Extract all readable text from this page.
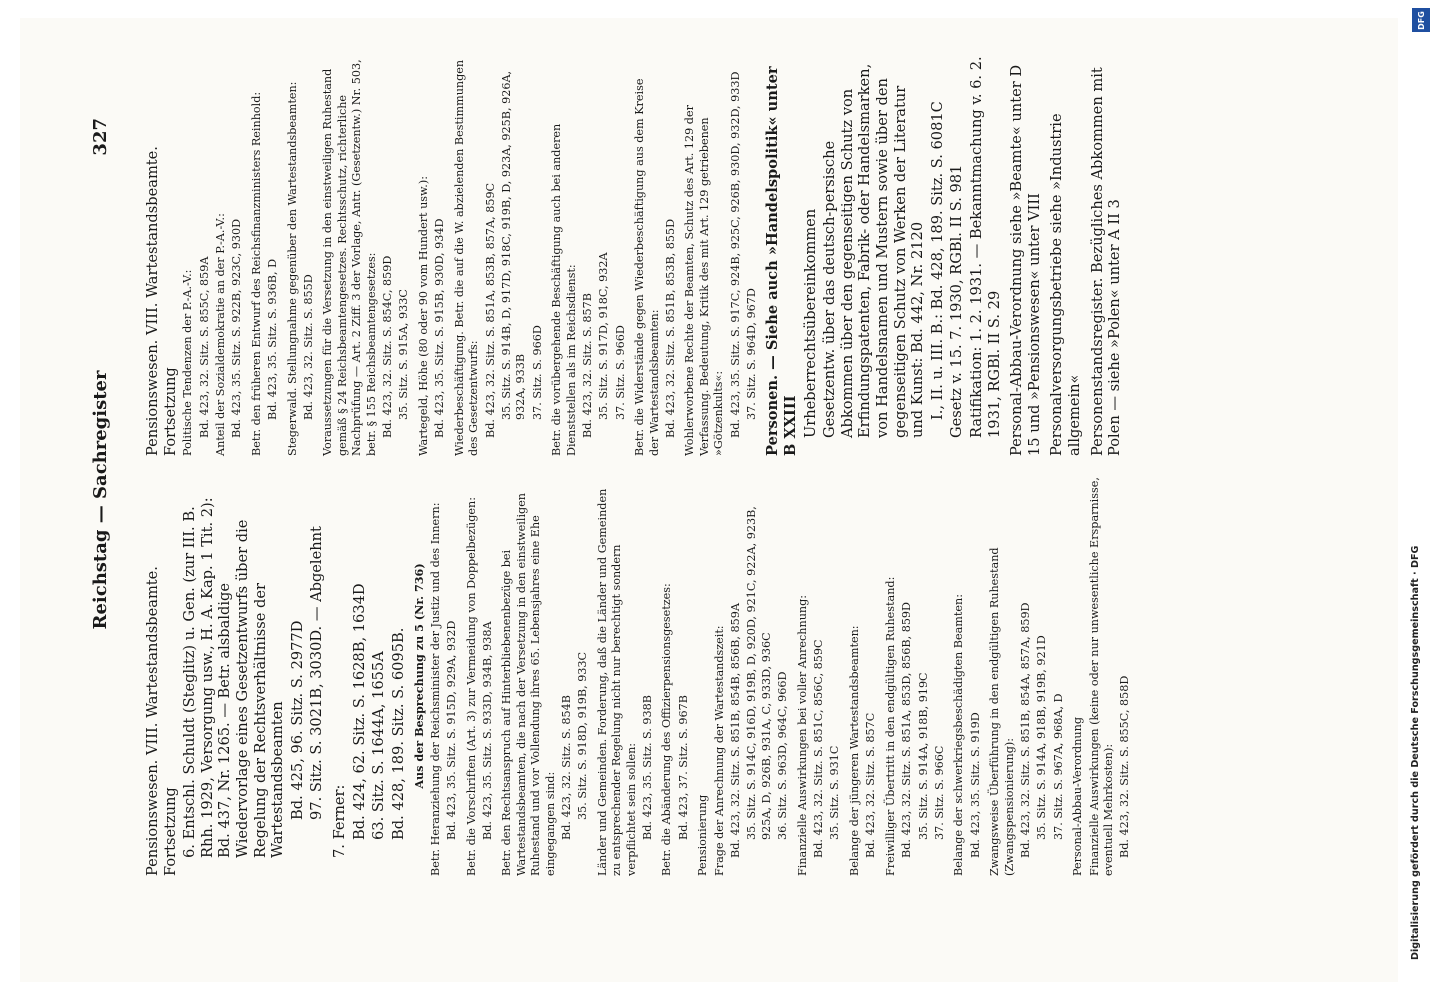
Reichstag — Sachregister
327

Pensionswesen. VIII. Wartestandsbeamte. Fortsetzung 6. Entschl. Schuldt (Steglitz) u. Gen. (zur III. B. Rhh. 1929, Versorgung usw., H. A. Kap. 1 Tit. 2): Bd. 437, Nr. 1265. — Betr. alsbaldige Wiedervorlage eines Gesetzentwurfs über die Regelung der Rechtsverhältnisse der Wartestandsbeamten Bd. 425, 96. Sitz. S. 2977D 97. Sitz. S. 3021B, 3030D. — Abgelehnt

7. Ferner: Bd. 424, 62. Sitz. S. 1628B, 1634D 63. Sitz. S. 1644A, 1655A Bd. 428, 189. Sitz. S. 6095B. Aus der Besprechung zu 5 (Nr. 736) Betr. Heranziehung der Reichsminister der Justiz und des Innern: Bd. 423, 35. Sitz. S. 915D, 929A, 932D Betr. die Vorschriften (Art. 3) zur Vermeidung von Doppelbezügen: Bd. 423, 35. Sitz. S. 933D, 934B, 938A Betr. den Rechtsanspruch auf Hinterbliebenenbezüge bei Wartestandsbeamten, die nach der Versetzung in den einstweiligen Ruhestand und vor Vollendung ihres 65. Lebensjahres eine Ehe eingegangen sind: Bd. 423, 32. Sitz. S. 854B 35. Sitz. S. 918D, 919B, 933C Länder und Gemeinden. Forderung, daß die Länder und Gemeinden zu entsprechender Regelung nicht nur berechtigt sondern verpflichtet sein sollen: Bd. 423, 35. Sitz. S. 938B Betr. die Abänderung des Offizierpensionsgesetzes: Bd. 423, 37. Sitz. S. 967B Pensionierung Frage der Anrechnung der Wartestandszeit: Bd. 423, 32. Sitz. S. 851B, 854B, 856B, 859A 35. Sitz. S. 914C, 916D, 919B, D, 920D, 921C, 922A, 923B, 925A, D, 926B, 931A, C, 933D, 936C 36. Sitz. S. 963D, 964C, 966D Finanzielle Auswirkungen bei voller Anrechnung: Bd. 423, 32. Sitz. S. 851C, 856C, 859C 35. Sitz. S. 931C Belange der jüngeren Wartestandsbeamten: Bd. 423, 32. Sitz. S. 857C Freiwilliger Übertritt in den endgültigen Ruhestand: Bd. 423, 32. Sitz. S. 851A, 853D, 856B, 859D 35. Sitz. S. 914A, 918B, 919C 37. Sitz. S. 966C Belange der schwerkriegsbeschädigten Beamten: Bd. 423, 35. Sitz. S. 919D Zwangsweise Überführung in den endgültigen Ruhestand (Zwangspensionierung): Bd. 423, 32. Sitz. S. 851B, 854A, 857A, 859D 35. Sitz. S. 914A, 918B, 919B, 921D 37. Sitz. S. 967A, 968A, D Personal-Abbau-Verordnung Finanzielle Auswirkungen (keine oder nur unwesentliche Ersparnisse, eventuell Mehrkosten): Bd. 423, 32. Sitz. S. 855C, 858D

Pensionswesen. VIII. Wartestandsbeamte. Fortsetzung Politische Tendenzen der P.-A.-V.: Bd. 423, 32. Sitz. S. 855C, 859A Anteil der Sozialdemokratie an der P.-A.-V.: Bd. 423, 35. Sitz. S. 922B, 923C, 930D Betr. den früheren Entwurf des Reichsfinanzministers Reinhold: Bd. 423, 35. Sitz. S. 936B, D Stegerwald. Stellungnahme gegenüber den Wartestandsbeamten: Bd. 423, 32. Sitz. S. 855D Voraussetzungen für die Versetzung in den einstweiligen Ruhestand gemäß § 24 Reichsbeamtengesetzes. Rechtsschutz, richterliche Nachprüfung — Art. 2 Ziff. 3 der Vorlage, Antr. (Gesetzentw.) Nr. 503, betr. § 155 Reichsbeamtengesetzes: Bd. 423, 32. Sitz. S. 854C, 859D 35. Sitz. S. 915A, 933C Wartegeld, Höhe (80 oder 90 vom Hundert usw.): Bd. 423, 35. Sitz. S. 915B, 930D, 934D Wiederbeschäftigung. Betr. die auf die W. abzielenden Bestimmungen des Gesetzentwurfs: Bd. 423, 32. Sitz. S. 851A, 853B, 857A, 859C 35. Sitz. S. 914B, D, 917D, 918C, 919B, D, 923A, 925B, 926A, 932A, 933B 37. Sitz. S. 966D Betr. die vorübergehende Beschäftigung auch bei anderen Dienststellen als im Reichsdienst: Bd. 423, 32. Sitz. S. 857B 35. Sitz. S. 917D, 918C, 932A 37. Sitz. S. 966D Betr. die Widerstände gegen Wiederbeschäftigung aus dem Kreise der Wartestandsbeamten: Bd. 423, 32. Sitz. S. 851B, 853B, 855D Wohlerworbene Rechte der Beamten, Schutz des Art. 129 der Verfassung. Bedeutung, Kritik des mit Art. 129 getriebenen »Götzenkults«: Bd. 423, 35. Sitz. S. 917C, 924B, 925C, 926B, 930D, 932D, 933D 37. Sitz. S. 964D, 967D Personen. — Siehe auch »Handelspolitik« unter B XXIII Urheberrechtsübereinkommen Gesetzentw. über das deutsch-persische Abkommen über den gegenseitigen Schutz von Erfindungspatenten, Fabrik- oder Handelsmarken, von Handelsnamen und Mustern sowie über den gegenseitigen Schutz von Werken der Literatur und Kunst: Bd. 442, Nr. 2120 I., II. u. III. B.: Bd. 428, 189. Sitz. S. 6081C Gesetz v. 15. 7. 1930, RGBl. II S. 981 Ratifikation: 1. 2. 1931. — Bekanntmachung v. 6. 2. 1931, RGBl. II S. 29 Personal-Abbau-Verordnung siehe »Beamte« unter D 15 und »Pensionswesen« unter VIII Personalversorgungsbetriebe siehe »Industrie allgemein« Personenstandsregister. Bezügliches Abkommen mit Polen — siehe »Polen« unter A II 3

Digitalisierung gefördert durch die Deutsche Forschungsgemeinschaft · DFG
DFG
